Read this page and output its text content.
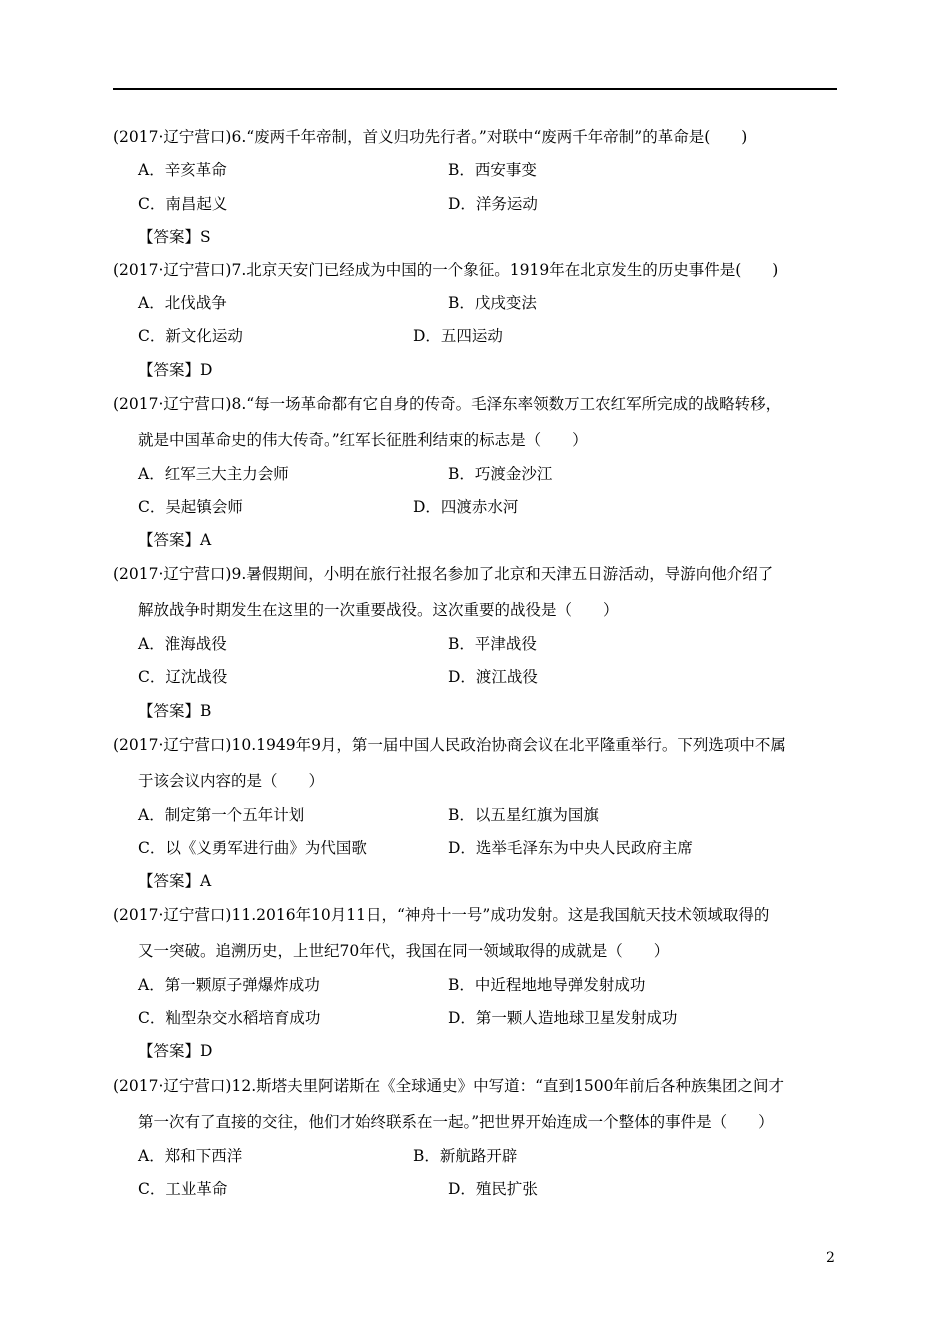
(2017·辽宁营口)6.“废两千年帝制，首义归功先行者。”对联中“废两千年帝制”的革命是(　　)
A．辛亥革命	B．西安事变
C．南昌起义	D．洋务运动
【答案】S
(2017·辽宁营口)7.北京天安门已经成为中国的一个象征。1919年在北京发生的历史事件是(　　)
A．北伐战争	B．戊戌变法
C．新文化运动	D．五四运动
【答案】D
(2017·辽宁营口)8.“每一场革命都有它自身的传奇。毛泽东率领数万工农红军所完成的战略转移，
就是中国革命史的伟大传奇。”红军长征胜利结束的标志是（　　）
A．红军三大主力会师	B．巧渡金沙江
C．吴起镇会师	D．四渡赤水河
【答案】A
(2017·辽宁营口)9.暑假期间，小明在旅行社报名参加了北京和天津五日游活动，导游向他介绍了
解放战争时期发生在这里的一次重要战役。这次重要的战役是（　　）
A．淮海战役	B．平津战役
C．辽沈战役	D．渡江战役
【答案】B
(2017·辽宁营口)10.1949年9月，第一届中国人民政治协商会议在北平隆重举行。下列选项中不属
于该会议内容的是（　　）
A．制定第一个五年计划	B．以五星红旗为国旗
C．以《义勇军进行曲》为代国歌	D．选举毛泽东为中央人民政府主席
【答案】A
(2017·辽宁营口)11.2016年10月11日，“神舟十一号”成功发射。这是我国航天技术领域取得的
又一突破。追溯历史，上世纪70年代，我国在同一领域取得的成就是（　　）
A．第一颗原子弹爆炸成功	B．中近程地地导弹发射成功
C．籼型杂交水稻培育成功	D．第一颗人造地球卫星发射成功
【答案】D
(2017·辽宁营口)12.斯塔夫里阿诺斯在《全球通史》中写道：“直到1500年前后各种族集团之间才
第一次有了直接的交往，他们才始终联系在一起。”把世界开始连成一个整体的事件是（　　）
A．郑和下西洋	B．新航路开辟
C．工业革命	D．殖民扩张
2
